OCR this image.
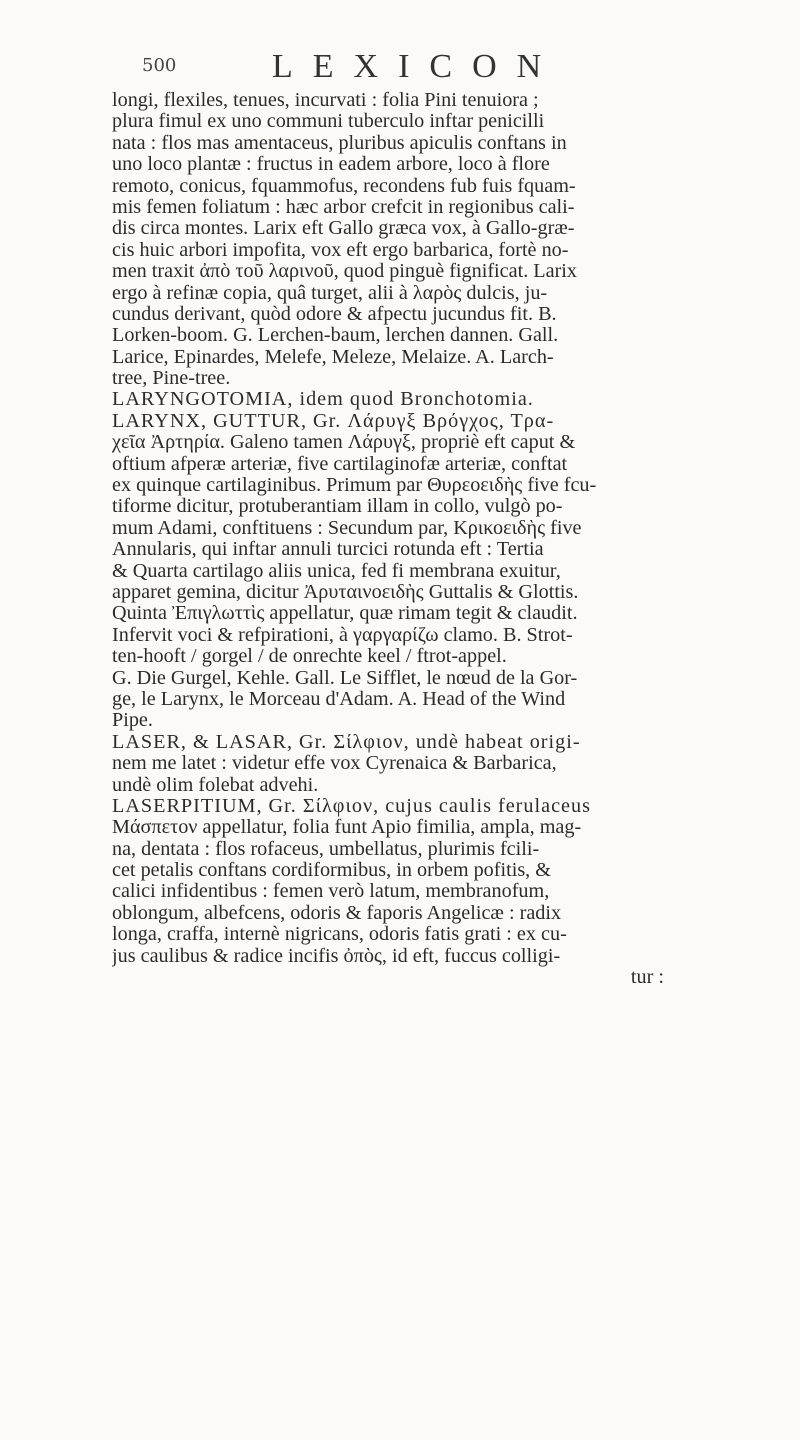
500	LEXICON
longi, flexiles, tenues, incurvati : folia Pini tenuiora ;
plura fimul ex uno communi tuberculo inftar penicilli
nata : flos mas amentaceus, pluribus apiculis conftans in
uno loco plantæ : fructus in eadem arbore, loco à flore
remoto, conicus, fquammofus, recondens fub fuis fquam-
mis femen foliatum : hæc arbor crefcit in regionibus cali-
dis circa montes. Larix eft Gallo græca vox, à Gallo-græ-
cis huic arbori impofita, vox eft ergo barbarica, fortè no-
men traxit ἀπὸ τοῦ λαρινοῦ, quod pinguè fignificat. Larix
ergo à refinæ copia, quâ turget, alii à λαρὸς dulcis, ju-
cundus derivant, quòd odore & afpectu jucundus fit. B.
Lorken-boom. G. Lerchen-baum, lerchen dannen. Gall.
Larice, Epinardes, Melefe, Meleze, Melaize. A. Larch-
tree, Pine-tree.
LARYNGOTOMIA, idem quod Bronchotomia.
LARYNX, GUTTUR, Gr. Λάρυγξ Βρόγχος, Τρα-
χεῖα Ἀρτηρία. Galeno tamen Λάρυγξ, propriè eft caput &
oftium afperæ arteriæ, five cartilaginofæ arteriæ, conftat
ex quinque cartilaginibus. Primum par Θυρεοειδὴς five fcu-
tiforme dicitur, protuberantiam illam in collo, vulgò po-
mum Adami, conftituens : Secundum par, Κρικοειδὴς five
Annularis, qui inftar annuli turcici rotunda eft : Tertia
& Quarta cartilago aliis unica, fed fi membrana exuitur,
apparet gemina, dicitur Ἀρυταινοειδὴς Guttalis & Glottis.
Quinta Ἐπιγλωττὶς appellatur, quæ rimam tegit & claudit.
Infervit voci & refpirationi, à γαργαρίζω clamo. B. Strot-
ten-hooft / gorgel / de onrechte keel / ftrot-appel.
G. Die Gurgel, Kehle. Gall. Le Sifflet, le nœud de la Gor-
ge, le Larynx, le Morceau d'Adam. A. Head of the Wind
Pipe.
LASER, & LASAR, Gr. Σίλφιον, undè habeat origi-
nem me latet : videtur effe vox Cyrenaica & Barbarica,
undè olim folebat advehi.
LASERPITIUM, Gr. Σίλφιον, cujus caulis ferulaceus
Μάσπετον appellatur, folia funt Apio fimilia, ampla, mag-
na, dentata : flos rofaceus, umbellatus, plurimis fcili-
cet petalis conftans cordiformibus, in orbem pofitis, &
calici infidentibus : femen verò latum, membranofum,
oblongum, albefcens, odoris & faporis Angelicæ : radix
longa, craffa, internè nigricans, odoris fatis grati : ex cu-
jus caulibus & radice incifis ὀπὸς, id eft, fuccus colligi-
tur :
